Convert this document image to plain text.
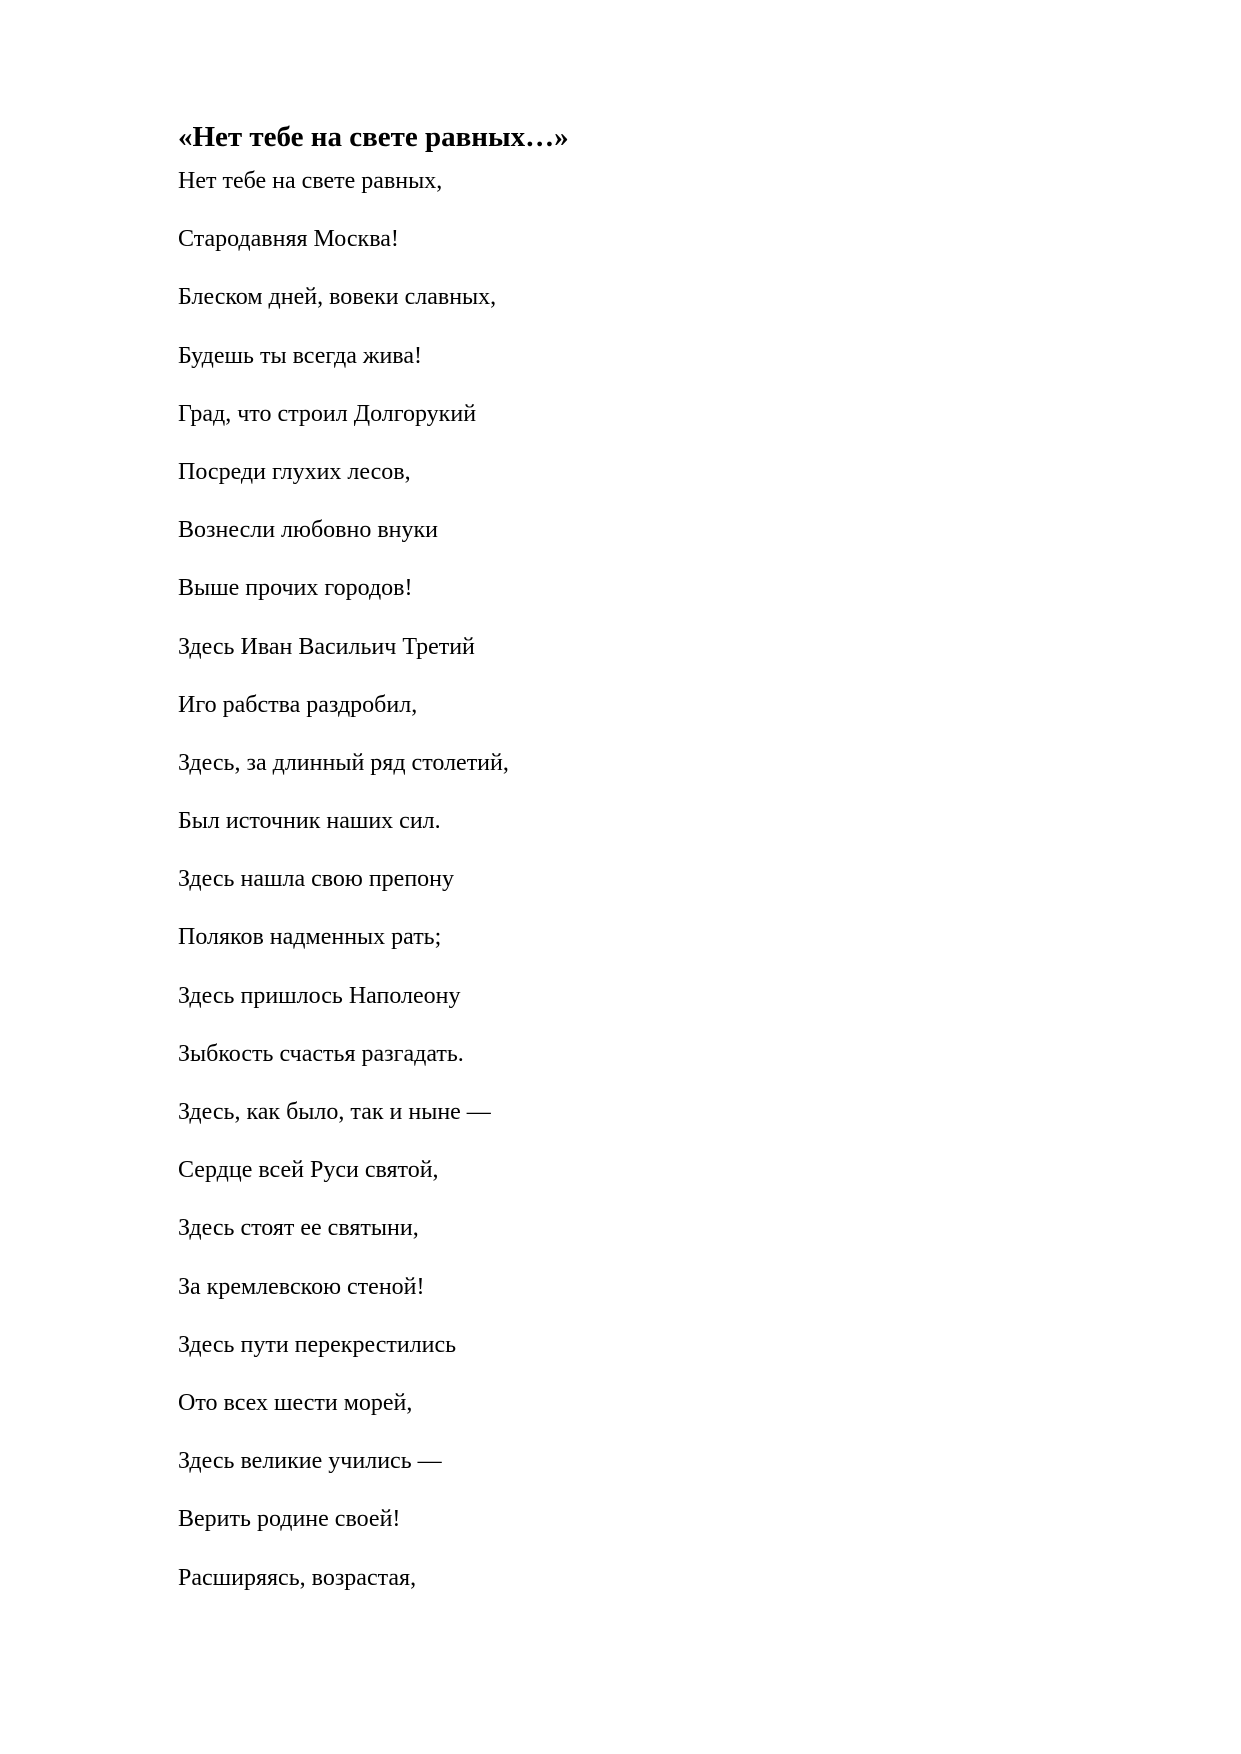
«Нет тебе на свете равных…»

Нет тебе на свете равных,

Стародавняя Москва!

Блеском дней, вовеки славных,

Будешь ты всегда жива!

Град, что строил Долгорукий

Посреди глухих лесов,

Вознесли любовно внуки

Выше прочих городов!

Здесь Иван Васильич Третий

Иго рабства раздробил,

Здесь, за длинный ряд столетий,

Был источник наших сил.

Здесь нашла свою препону

Поляков надменных рать;

Здесь пришлось Наполеону

Зыбкость счастья разгадать.

Здесь, как было, так и ныне —

Сердце всей Руси святой,

Здесь стоят ее святыни,

За кремлевскою стеной!

Здесь пути перекрестились

Ото всех шести морей,

Здесь великие учились —

Верить родине своей!

Расширяясь, возрастая,
